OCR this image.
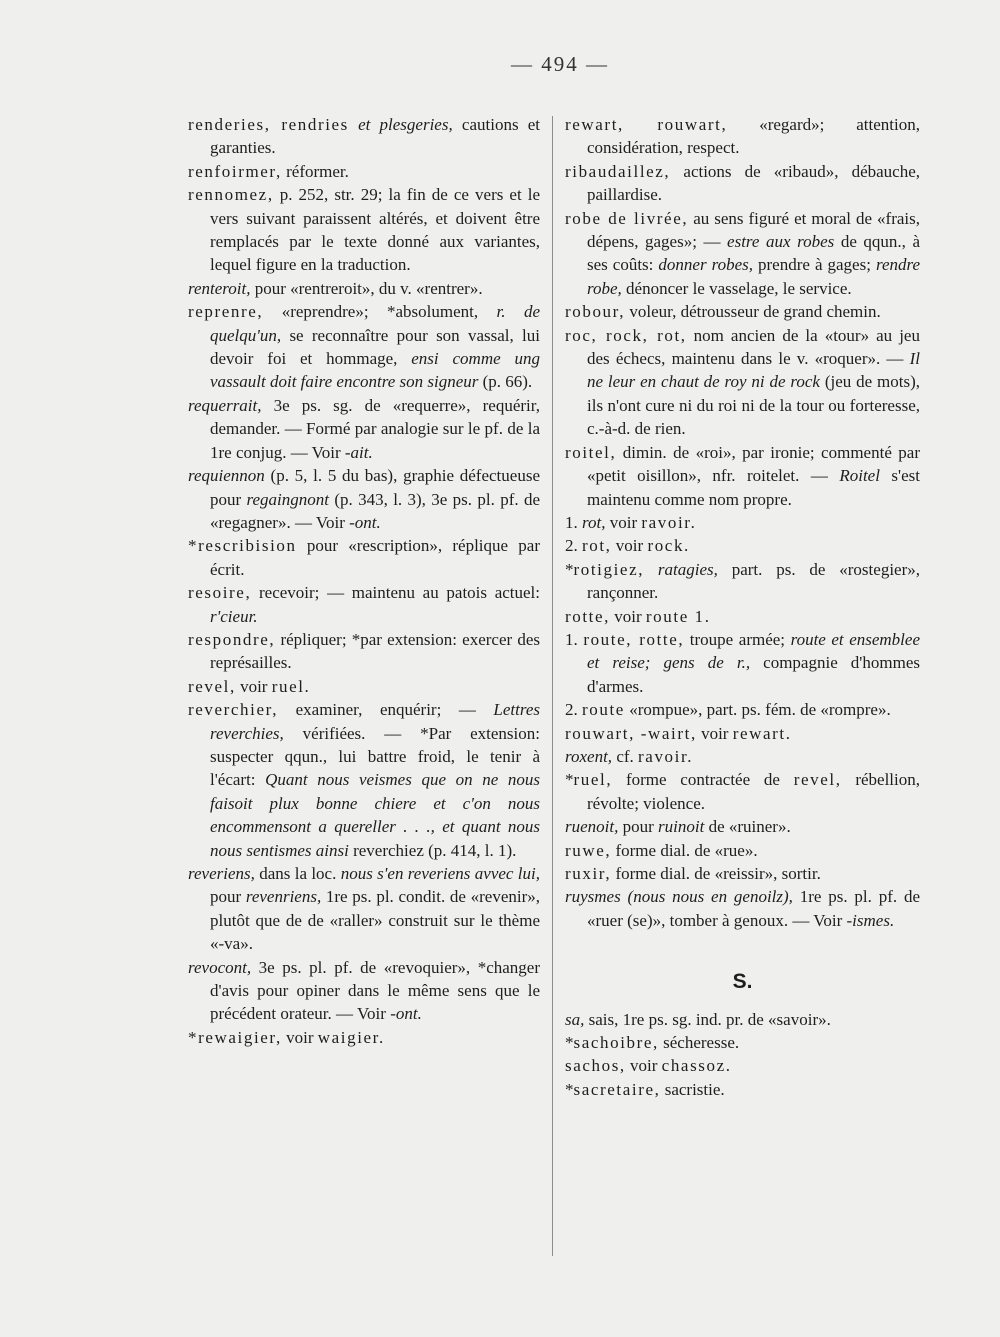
— 494 —
renderies, rendries et plesgeries, cautions et garanties.
renfoirmer, réformer.
rennomez, p. 252, str. 29; la fin de ce vers et le vers suivant paraissent altérés, et doivent être remplacés par le texte donné aux variantes, lequel figure en la traduction.
renteroit, pour «rentreroit», du v. «rentrer».
reprenre, «reprendre»; *absolument, r. de quelqu'un, se reconnaître pour son vassal, lui devoir foi et hommage, ensi comme ung vassault doit faire encontre son signeur (p. 66).
requerrait, 3e ps. sg. de «requerre», requérir, demander. — Formé par analogie sur le pf. de la 1re conjug. — Voir -ait.
requiennon (p. 5, l. 5 du bas), graphie défectueuse pour regaingnont (p. 343, l. 3), 3e ps. pl. pf. de «regagner». — Voir -ont.
*rescribision pour «rescription», réplique par écrit.
resoire, recevoir; — maintenu au patois actuel: r'cieur.
respondre, répliquer; *par extension: exercer des représailles.
revel, voir ruel.
reverchier, examiner, enquérir; — Lettres reverchies, vérifiées. — *Par extension: suspecter qqun., lui battre froid, le tenir à l'écart: Quant nous veismes que on ne nous faisoit plux bonne chiere et c'on nous encommensont a quereller . . ., et quant nous nous sentismes ainsi reverchiez (p. 414, l. 1).
reveriens, dans la loc. nous s'en reveriens avvec lui, pour revenriens, 1re ps. pl. condit. de «revenir», plutôt que de de «raller» construit sur le thème «-va».
revocont, 3e ps. pl. pf. de «revoquier», *changer d'avis pour opiner dans le même sens que le précédent orateur. — Voir -ont.
*rewaigier, voir waigier.
rewart, rouwart, «regard»; attention, considération, respect.
ribaudaillez, actions de «ribaud», débauche, paillardise.
robe de livrée, au sens figuré et moral de «frais, dépens, gages»; — estre aux robes de qqun., à ses coûts: donner robes, prendre à gages; rendre robe, dénoncer le vasselage, le service.
robour, voleur, détrousseur de grand chemin.
roc, rock, rot, nom ancien de la «tour» au jeu des échecs, maintenu dans le v. «roquer». — Il ne leur en chaut de roy ni de rock (jeu de mots), ils n'ont cure ni du roi ni de la tour ou forteresse, c.-à-d. de rien.
roitel, dimin. de «roi», par ironie; commenté par «petit oisillon», nfr. roitelet. — Roitel s'est maintenu comme nom propre.
1. rot, voir ravoir.
2. rot, voir rock.
*rotigiez, ratagies, part. ps. de «rostegier», rançonner.
rotte, voir route 1.
1. route, rotte, troupe armée; route et ensemblee et reise; gens de r., compagnie d'hommes d'armes.
2. route «rompue», part. ps. fém. de «rompre».
rouwart, -wairt, voir rewart.
roxent, cf. ravoir.
*ruel, forme contractée de revel, rébellion, révolte; violence.
ruenoit, pour ruinoit de «ruiner».
ruwe, forme dial. de «rue».
ruxir, forme dial. de «reissir», sortir.
ruysmes (nous nous en genoilz), 1re ps. pl. pf. de «ruer (se)», tomber à genoux. — Voir -ismes.
S.
sa, sais, 1re ps. sg. ind. pr. de «savoir».
*sachoibre, sécheresse.
sachos, voir chassoz.
*sacretaire, sacristie.
